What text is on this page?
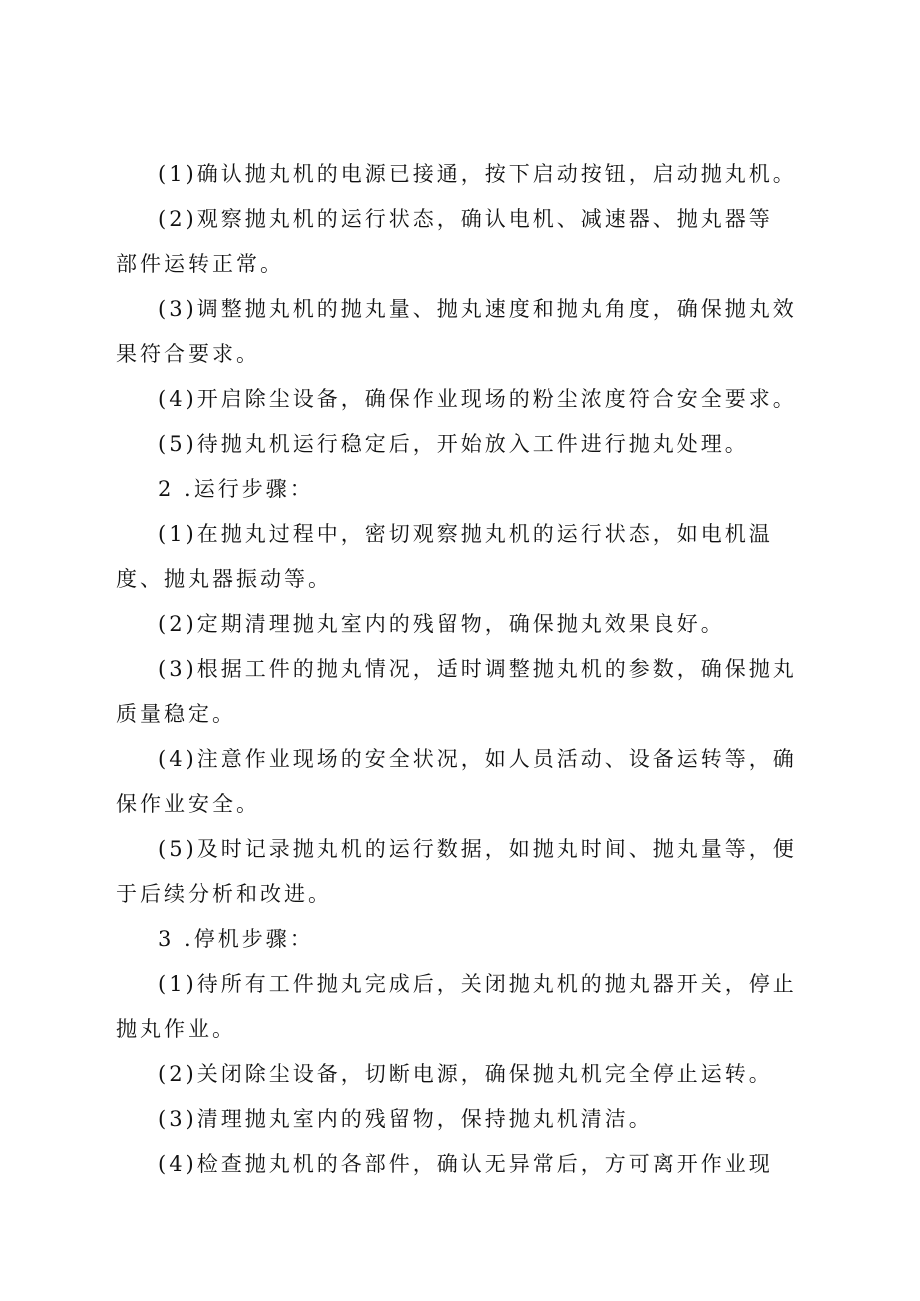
(1)确认抛丸机的电源已接通，按下启动按钮，启动抛丸机。

(2)观察抛丸机的运行状态，确认电机、减速器、抛丸器等部件运转正常。

(3)调整抛丸机的抛丸量、抛丸速度和抛丸角度，确保抛丸效果符合要求。

(4)开启除尘设备，确保作业现场的粉尘浓度符合安全要求。

(5)待抛丸机运行稳定后，开始放入工件进行抛丸处理。

2 .运行步骤：

(1)在抛丸过程中，密切观察抛丸机的运行状态，如电机温度、抛丸器振动等。

(2)定期清理抛丸室内的残留物，确保抛丸效果良好。

(3)根据工件的抛丸情况，适时调整抛丸机的参数，确保抛丸质量稳定。

(4)注意作业现场的安全状况，如人员活动、设备运转等，确保作业安全。

(5)及时记录抛丸机的运行数据，如抛丸时间、抛丸量等，便于后续分析和改进。

3 .停机步骤：

(1)待所有工件抛丸完成后，关闭抛丸机的抛丸器开关，停止抛丸作业。

(2)关闭除尘设备，切断电源，确保抛丸机完全停止运转。

(3)清理抛丸室内的残留物，保持抛丸机清洁。

(4)检查抛丸机的各部件，确认无异常后，方可离开作业现
